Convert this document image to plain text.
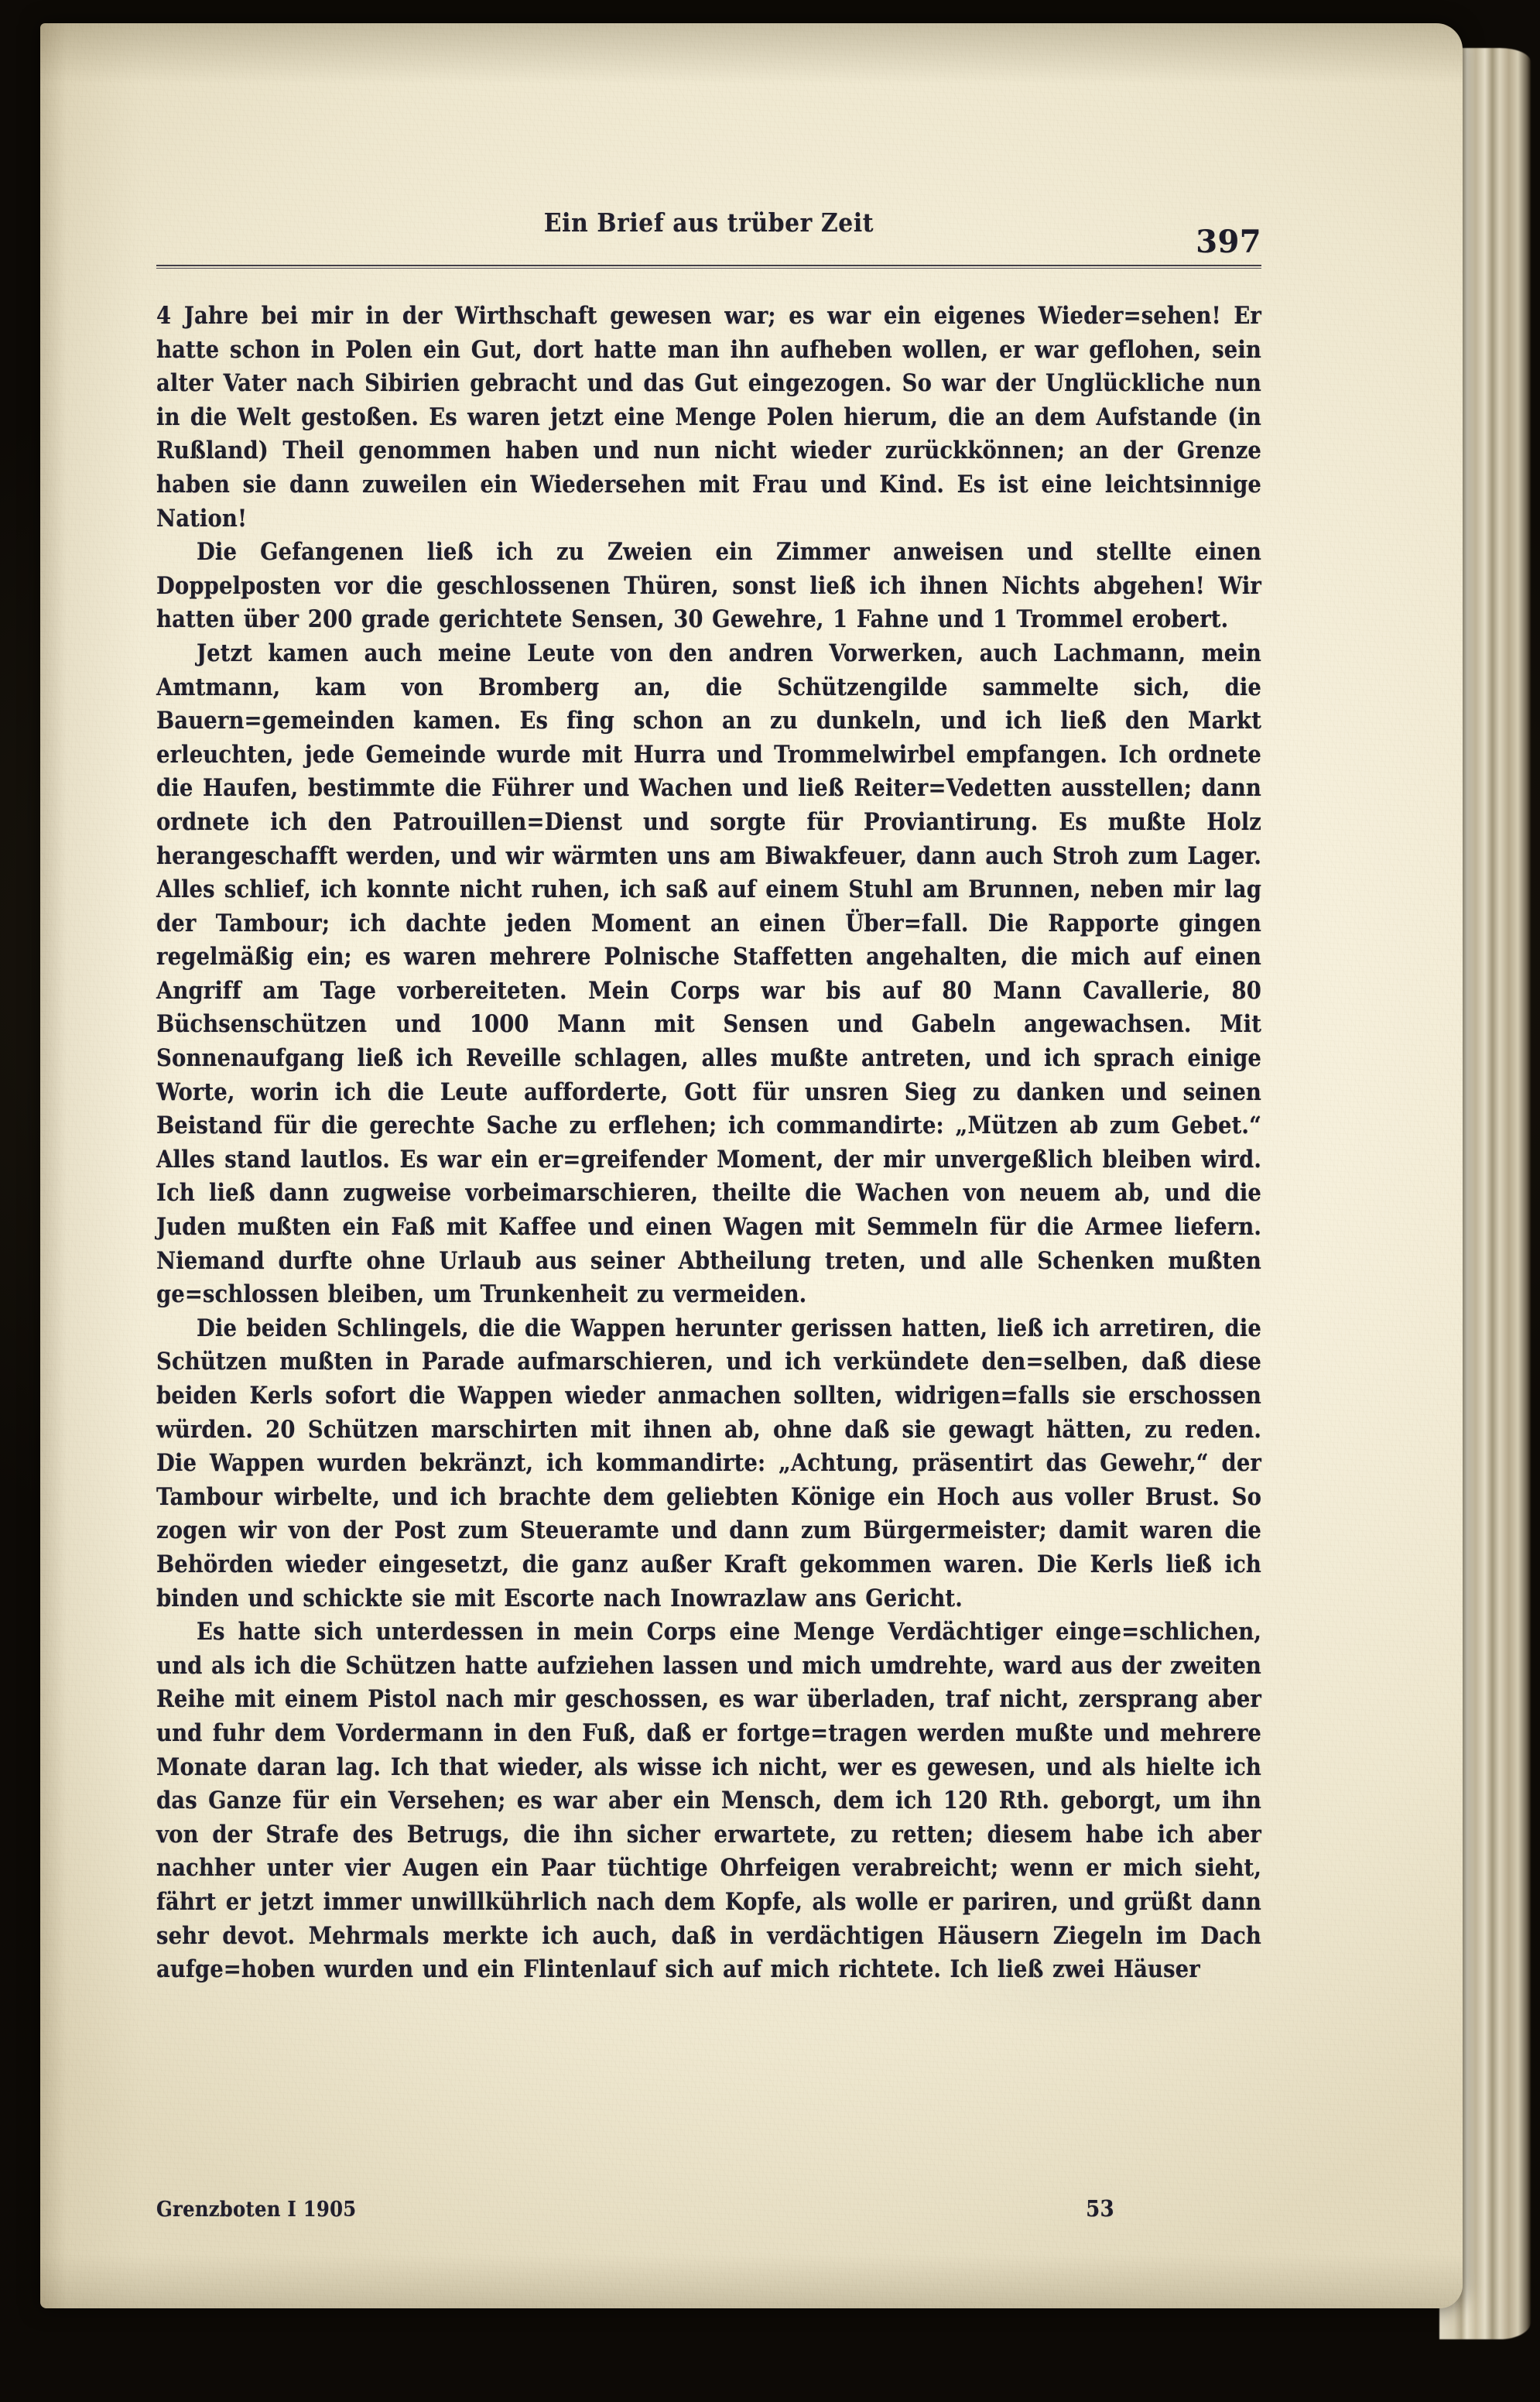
Ein Brief aus trüber Zeit
397

4 Jahre bei mir in der Wirthschaft gewesen war; es war ein eigenes Wieder=sehen! Er hatte schon in Polen ein Gut, dort hatte man ihn aufheben wollen, er war geflohen, sein alter Vater nach Sibirien gebracht und das Gut eingezogen. So war der Unglückliche nun in die Welt gestoßen. Es waren jetzt eine Menge Polen hierum, die an dem Aufstande (in Rußland) Theil genommen haben und nun nicht wieder zurückkönnen; an der Grenze haben sie dann zuweilen ein Wiedersehen mit Frau und Kind. Es ist eine leichtsinnige Nation!

Die Gefangenen ließ ich zu Zweien ein Zimmer anweisen und stellte einen Doppelposten vor die geschlossenen Thüren, sonst ließ ich ihnen Nichts abgehen! Wir hatten über 200 grade gerichtete Sensen, 30 Gewehre, 1 Fahne und 1 Trommel erobert.

Jetzt kamen auch meine Leute von den andren Vorwerken, auch Lachmann, mein Amtmann, kam von Bromberg an, die Schützengilde sammelte sich, die Bauern=gemeinden kamen. Es fing schon an zu dunkeln, und ich ließ den Markt erleuchten, jede Gemeinde wurde mit Hurra und Trommelwirbel empfangen. Ich ordnete die Haufen, bestimmte die Führer und Wachen und ließ Reiter=Vedetten ausstellen; dann ordnete ich den Patrouillen=Dienst und sorgte für Proviantirung. Es mußte Holz herangeschafft werden, und wir wärmten uns am Biwakfeuer, dann auch Stroh zum Lager. Alles schlief, ich konnte nicht ruhen, ich saß auf einem Stuhl am Brunnen, neben mir lag der Tambour; ich dachte jeden Moment an einen Über=fall. Die Rapporte gingen regelmäßig ein; es waren mehrere Polnische Staffetten angehalten, die mich auf einen Angriff am Tage vorbereiteten. Mein Corps war bis auf 80 Mann Cavallerie, 80 Büchsenschützen und 1000 Mann mit Sensen und Gabeln angewachsen. Mit Sonnenaufgang ließ ich Reveille schlagen, alles mußte antreten, und ich sprach einige Worte, worin ich die Leute aufforderte, Gott für unsren Sieg zu danken und seinen Beistand für die gerechte Sache zu erflehen; ich commandirte: „Mützen ab zum Gebet.“ Alles stand lautlos. Es war ein er=greifender Moment, der mir unvergeßlich bleiben wird. Ich ließ dann zugweise vorbeimarschieren, theilte die Wachen von neuem ab, und die Juden mußten ein Faß mit Kaffee und einen Wagen mit Semmeln für die Armee liefern. Niemand durfte ohne Urlaub aus seiner Abtheilung treten, und alle Schenken mußten ge=schlossen bleiben, um Trunkenheit zu vermeiden.

Die beiden Schlingels, die die Wappen herunter gerissen hatten, ließ ich arretiren, die Schützen mußten in Parade aufmarschieren, und ich verkündete den=selben, daß diese beiden Kerls sofort die Wappen wieder anmachen sollten, widrigen=falls sie erschossen würden. 20 Schützen marschirten mit ihnen ab, ohne daß sie gewagt hätten, zu reden. Die Wappen wurden bekränzt, ich kommandirte: „Achtung, präsentirt das Gewehr,“ der Tambour wirbelte, und ich brachte dem geliebten Könige ein Hoch aus voller Brust. So zogen wir von der Post zum Steueramte und dann zum Bürgermeister; damit waren die Behörden wieder eingesetzt, die ganz außer Kraft gekommen waren. Die Kerls ließ ich binden und schickte sie mit Escorte nach Inowrazlaw ans Gericht.

Es hatte sich unterdessen in mein Corps eine Menge Verdächtiger einge=schlichen, und als ich die Schützen hatte aufziehen lassen und mich umdrehte, ward aus der zweiten Reihe mit einem Pistol nach mir geschossen, es war überladen, traf nicht, zersprang aber und fuhr dem Vordermann in den Fuß, daß er fortge=tragen werden mußte und mehrere Monate daran lag. Ich that wieder, als wisse ich nicht, wer es gewesen, und als hielte ich das Ganze für ein Versehen; es war aber ein Mensch, dem ich 120 Rth. geborgt, um ihn von der Strafe des Betrugs, die ihn sicher erwartete, zu retten; diesem habe ich aber nachher unter vier Augen ein Paar tüchtige Ohrfeigen verabreicht; wenn er mich sieht, fährt er jetzt immer unwillkührlich nach dem Kopfe, als wolle er pariren, und grüßt dann sehr devot. Mehrmals merkte ich auch, daß in verdächtigen Häusern Ziegeln im Dach aufge=hoben wurden und ein Flintenlauf sich auf mich richtete. Ich ließ zwei Häuser

Grenzboten I 1905	53
